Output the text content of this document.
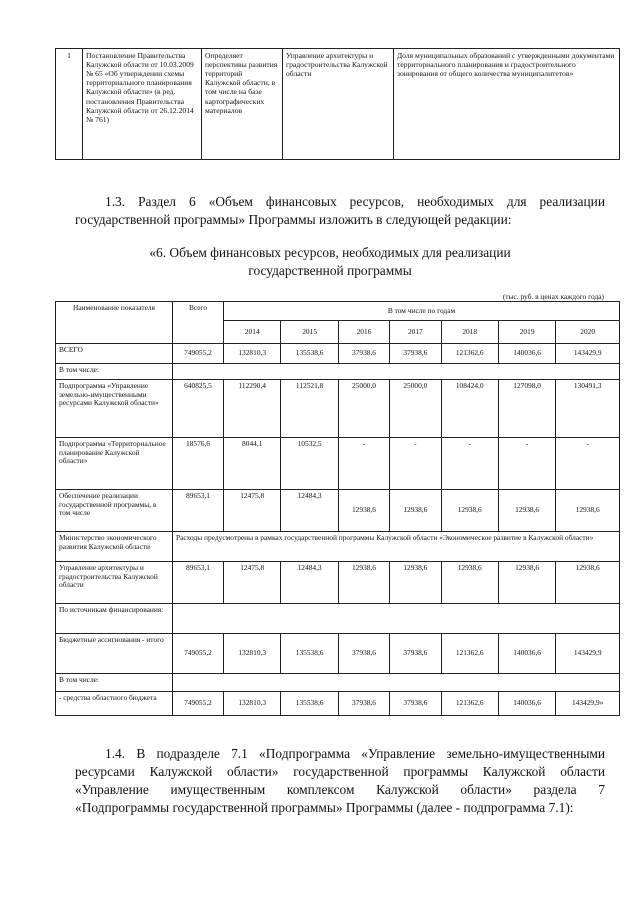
1	Постановление Правительства Калужской области от 10.03.2009 № 65 «Об утверждении схемы территориального планирования Калужской области» (в ред. постановления Правительства Калужской области от 26.12.2014 № 761)	Определяет перспективы развития территорий Калужской области, в том числе на базе картографических материалов	Управление архитектуры и градостроительства Калужской области	Доля муниципальных образований с утвержденными документами территориального планирования и градостроительного зонирования от общего количества муниципалитетов»
1.3. Раздел 6 «Объем финансовых ресурсов, необходимых для реализации
государственной программы» Программы изложить в следующей редакции:
«6. Объем финансовых ресурсов, необходимых для реализации
государственной программы
(тыс. руб. в ценах каждого года)
Наименование показателя	Всего	В том числе по годам						
		2014	2015	2016	2017	2018	2019	2020
ВСЕГО	749055,2	132810,3	135538,6	37938,6	37938,6	121362,6	140036,6	143429,9
В том числе:								
Подпрограмма «Управление земельно-имущественными ресурсами Калужской области»	640825,5	112290,4	112521,8	25000,0	25000,0	108424,0	127098,0	130491,3
Подпрограмма «Территориальное планирование Калужской области»	18576,6	8044,1	10532,5	-	-	-	-	-
Обеспечение реализации государственной программы, в том числе	89653,1	12475,8	12484,3	12938,6	12938,6	12938,6	12938,6	12938,6
Министерство экономического развития Калужской области	Расходы предусмотрены в рамках государственной программы Калужской области «Экономическое развитие в Калужской области»							
Управление архитектуры и градостроительства Калужской области	89653,1	12475,8	12484,3	12938,6	12938,6	12938,6	12938,6	12938,6
По источникам финансирования:								
Бюджетные ассигнования - итого	749055,2	132810,3	135538,6	37938,6	37938,6	121362,6	140036,6	143429,9
В том числе:								
- средства областного бюджета	749055,2	132810,3	135538,6	37938,6	37938,6	121362,6	140036,6	143429,9»
1.4. В подразделе 7.1 «Подпрограмма «Управление земельно-имущественными
ресурсами Калужской области» государственной программы Калужской области
«Управление имущественным комплексом Калужской области» раздела 7
«Подпрограммы государственной программы» Программы (далее - подпрограмма 7.1):
